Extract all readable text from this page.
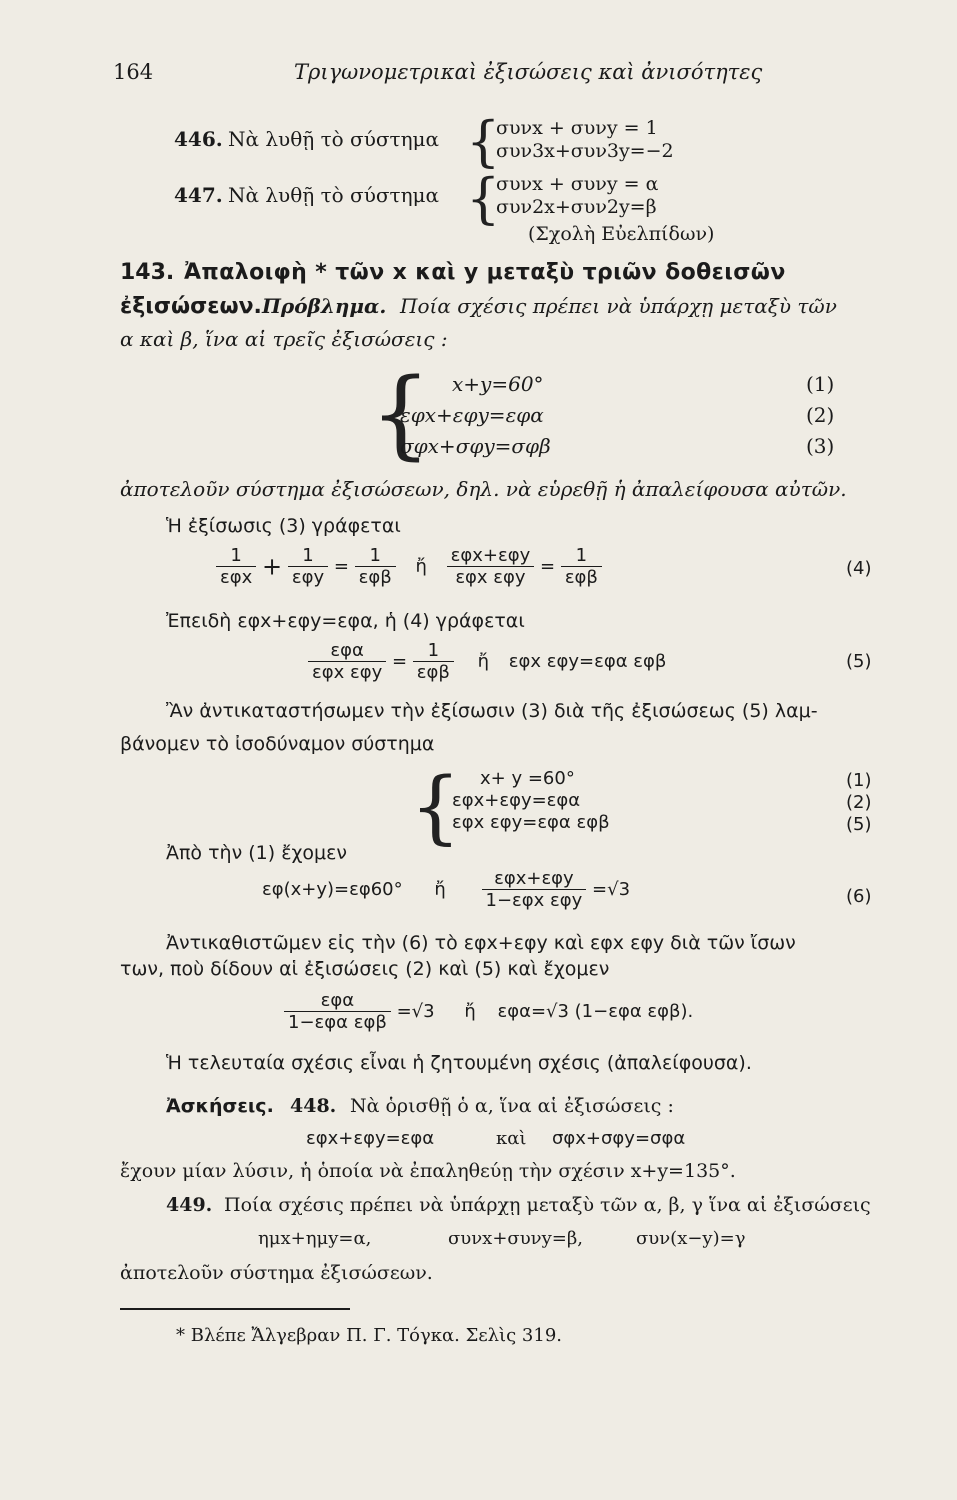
164	Τριγωνομετρικαὶ ἐξισώσεις καὶ ἀνισότητες
446. Νὰ λυθῇ τὸ σύστημα {
συνx + συνy = 1
συν3x+συν3y=−2
447. Νὰ λυθῇ τὸ σύστημα {
συνx + συνy = α
συν2x+συν2y=β
(Σχολὴ Εὐελπίδων)
143. Ἀπαλοιφὴ * τῶν x καὶ y μεταξὺ τριῶν δοθεισῶν
ἐξισώσεων. Πρόβλημα. Ποία σχέσις πρέπει νὰ ὑπάρχῃ μεταξὺ τῶν
α καὶ β, ἵνα αἱ τρεῖς ἐξισώσεις :
{ x+y=60°	(1)
εφx+εφy=εφα	(2)
σφx+σφy=σφβ	(3)
ἀποτελοῦν σύστημα ἐξισώσεων, δηλ. νὰ εὑρεθῇ ἡ ἀπαλείφουσα αὐτῶν.
Ἡ ἐξίσωσις (3) γράφεται
$\frac{1}{\text{εφx}} + \frac{1}{\text{εφy}} = \frac{1}{\text{εφβ}}$ ἤ $\frac{\text{εφx+εφy}}{\text{εφx εφy}} = \frac{1}{\text{εφβ}}$	(4)
Ἐπειδὴ εφx+εφy=εφα, ἡ (4) γράφεται
$\frac{\text{εφα}}{\text{εφx εφy}} = \frac{1}{\text{εφβ}}$ ἤ εφx εφy=εφα εφβ	(5)
Ἂν ἀντικαταστήσωμεν τὴν ἐξίσωσιν (3) διὰ τῆς ἐξισώσεως (5) λαμ-
βάνομεν τὸ ἰσοδύναμον σύστημα
{ x+ y =60°	(1)
εφx+εφy=εφα	(2)
εφx εφy=εφα εφβ	(5)
Ἀπὸ τὴν (1) ἔχομεν
εφ(x+y)=εφ60° ἤ $\frac{\text{εφx+εφy}}{\text{1−εφx εφy}} =√3$	(6)
Ἀντικαθιστῶμεν εἰς τὴν (6) τὸ εφx+εφy καὶ εφx εφy διὰ τῶν ἴσων
των, ποὺ δίδουν αἱ ἐξισώσεις (2) καὶ (5) καὶ ἔχομεν
$\frac{\text{εφα}}{\text{1−εφα εφβ}} =√3$ ἤ εφα=√3 (1−εφα εφβ).
Ἡ τελευταία σχέσις εἶναι ἡ ζητουμένη σχέσις (ἀπαλείφουσα).
Ἀσκήσεις. 448. Νὰ ὁρισθῇ ὁ α, ἵνα αἱ ἐξισώσεις :
εφx+εφy=εφα	καὶ σφx+σφy=σφα
ἔχουν μίαν λύσιν, ἡ ὁποία νὰ ἐπαληθεύῃ τὴν σχέσιν x+y=135°.
449. Ποία σχέσις πρέπει νὰ ὑπάρχῃ μεταξὺ τῶν α, β, γ ἵνα αἱ ἐξισώσεις
ημx+ημy=α,	συνx+συνy=β,	συν(x−y)=γ
ἀποτελοῦν σύστημα ἐξισώσεων.
* Βλέπε Ἄλγεβραν Π. Γ. Τόγκα. Σελὶς 319.
